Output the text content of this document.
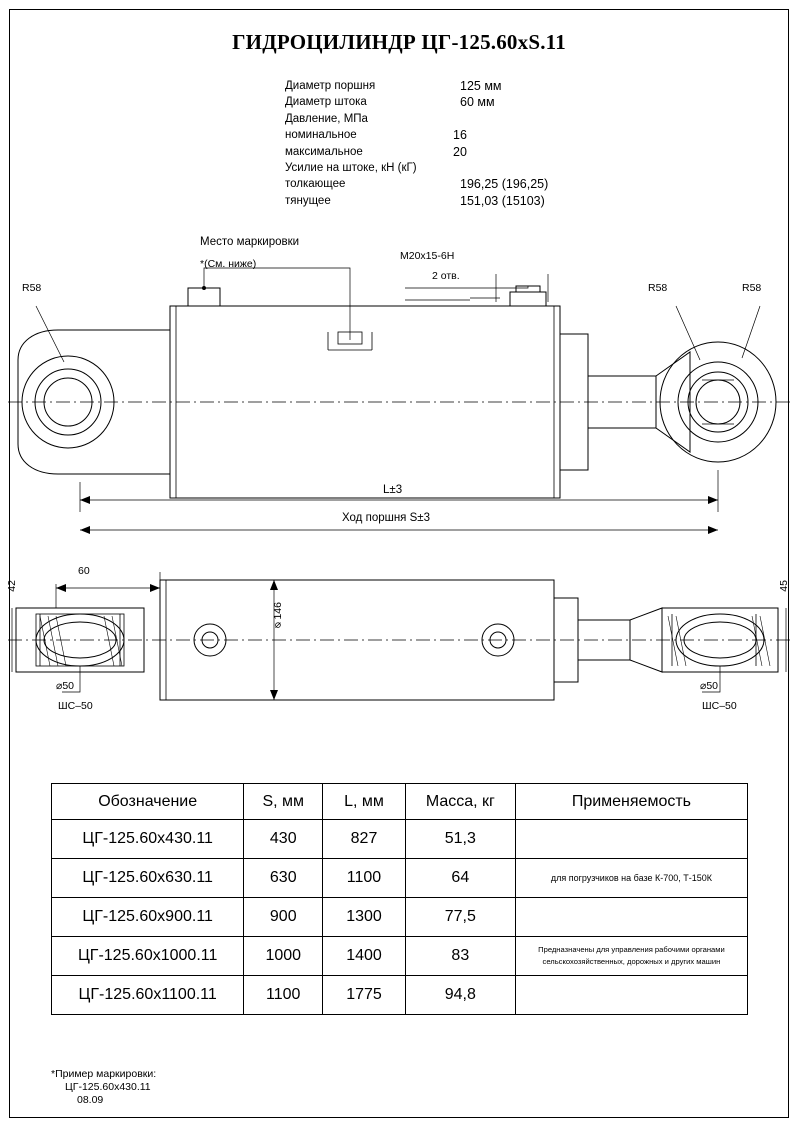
ГИДРОЦИЛИНДР ЦГ-125.60xS.11
Диаметр поршня	125 мм
Диаметр штока	60 мм
Давление, МПа
номинальное	16
максимальное	20
Усилие на штоке, кН (кГ)
толкающее	196,25 (196,25)
тянущее	151,03 (15103)
Место маркировки
*(См. ниже)
M20x15-6H
2 отв.
R58	R58	R58
L±3
Ход поршня S±3
60
42	45
⌀146
⌀50
ШС–50
⌀50
ШС–50
Обозначение	S, мм	L, мм	Масса, кг	Применяемость
ЦГ-125.60x430.11	430	827	51,3	
ЦГ-125.60x630.11	630	1100	64	для погрузчиков на базе К-700, Т-150К
ЦГ-125.60x900.11	900	1300	77,5	
ЦГ-125.60x1000.11	1000	1400	83	Предназначены для управления рабочими органами сельскохозяйственных, дорожных и других машин
ЦГ-125.60x1100.11	1100	1775	94,8	
*Пример маркировки:
ЦГ-125.60x430.11
08.09
